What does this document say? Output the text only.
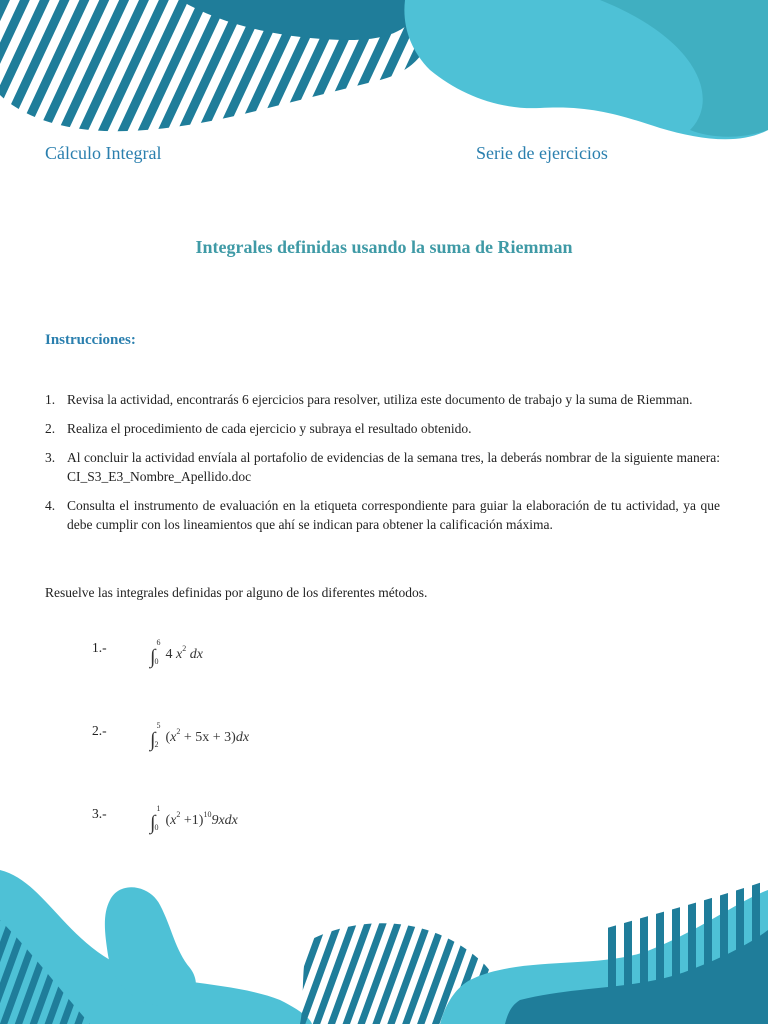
Cálculo Integral	Serie de ejercicios
Integrales definidas usando la suma de Riemman
Instrucciones:
1. Revisa la actividad, encontrarás 6 ejercicios para resolver, utiliza este documento de trabajo y la suma de Riemman.
2. Realiza el procedimiento de cada ejercicio y subraya el resultado obtenido.
3. Al concluir la actividad envíala al portafolio de evidencias de la semana tres, la deberás nombrar de la siguiente manera: CI_S3_E3_Nombre_Apellido.doc
4. Consulta el instrumento de evaluación en la etiqueta correspondiente para guiar la elaboración de tu actividad, ya que debe cumplir con los lineamientos que ahí se indican para obtener la calificación máxima.
Resuelve las integrales definidas por alguno de los diferentes métodos.
1.- ∫
6
0 4 $x^2$ dx
2.- ∫
5
2 $(x^2 + 5x + 3)dx$
3.- ∫
1
0 $(x^2 +1)^{10}9xdx$
